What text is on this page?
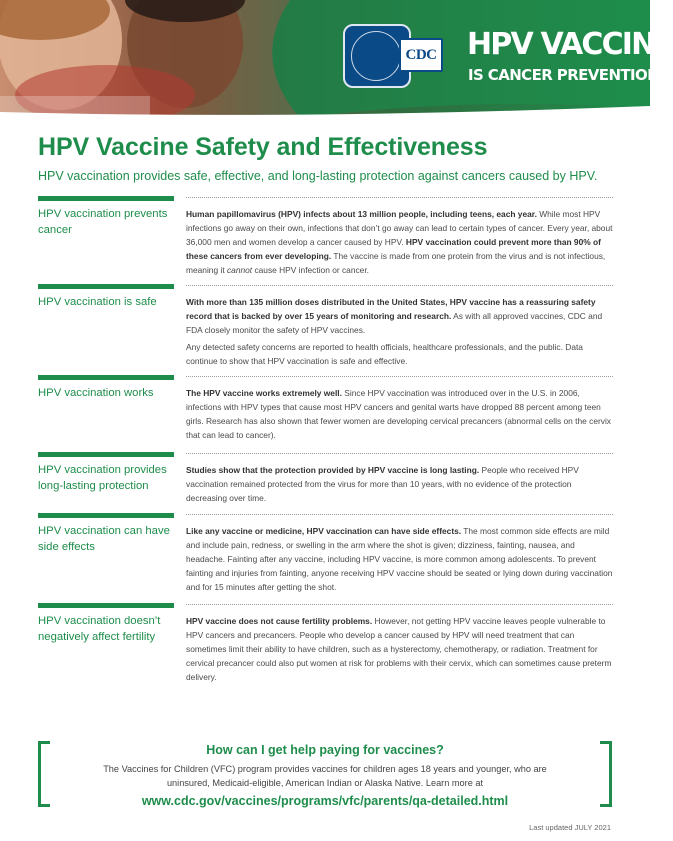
CDC HPV VACCINE
IS CANCER PREVENTION
HPV Vaccine Safety and Effectiveness
HPV vaccination provides safe, effective, and long-lasting protection against cancers caused by HPV.
HPV vaccination prevents cancer

Human papillomavirus (HPV) infects about 13 million people, including teens, each year. While most HPV infections go away on their own, infections that don’t go away can lead to certain types of cancer. Every year, about 36,000 men and women develop a cancer caused by HPV. HPV vaccination could prevent more than 90% of these cancers from ever developing. The vaccine is made from one protein from the virus and is not infectious, meaning it cannot cause HPV infection or cancer.

HPV vaccination is safe	With more than 135 million doses distributed in the United States, HPV vaccine has a reassuring safety record that is backed by over 15 years of monitoring and research. As with all approved vaccines, CDC and FDA closely monitor the safety of HPV vaccines.

Any detected safety concerns are reported to health officials, healthcare professionals, and the public. Data continue to show that HPV vaccination is safe and effective.

HPV vaccination works	The HPV vaccine works extremely well. Since HPV vaccination was introduced over in the U.S. in 2006, infections with HPV types that cause most HPV cancers and genital warts have dropped 88 percent among teen girls. Research has also shown that fewer women are developing cervical precancers (abnormal cells on the cervix that can lead to cancer).

HPV vaccination provides long-lasting protection

Studies show that the protection provided by HPV vaccine is long lasting. People who received HPV vaccination remained protected from the virus for more than 10 years, with no evidence of the protection decreasing over time.

HPV vaccination can have side effects

Like any vaccine or medicine, HPV vaccination can have side effects. The most common side effects are mild and include pain, redness, or swelling in the arm where the shot is given; dizziness, fainting, nausea, and headache. Fainting after any vaccine, including HPV vaccine, is more common among adolescents. To prevent fainting and injuries from fainting, anyone receiving HPV vaccine should be seated or lying down during vaccination and for 15 minutes after getting the shot.

HPV vaccination doesn’t negatively affect fertility

HPV vaccine does not cause fertility problems. However, not getting HPV vaccine leaves people vulnerable to HPV cancers and precancers. People who develop a cancer caused by HPV will need treatment that can sometimes limit their ability to have children, such as a hysterectomy, chemotherapy, or radiation. Treatment for cervical precancer could also put women at risk for problems with their cervix, which can sometimes cause preterm delivery.

How can I get help paying for vaccines?
The Vaccines for Children (VFC) program provides vaccines for children ages 18 years and younger, who are uninsured, Medicaid-eligible, American Indian or Alaska Native. Learn more at
www.cdc.gov/vaccines/programs/vfc/parents/qa-detailed.html
Last updated JULY 2021
